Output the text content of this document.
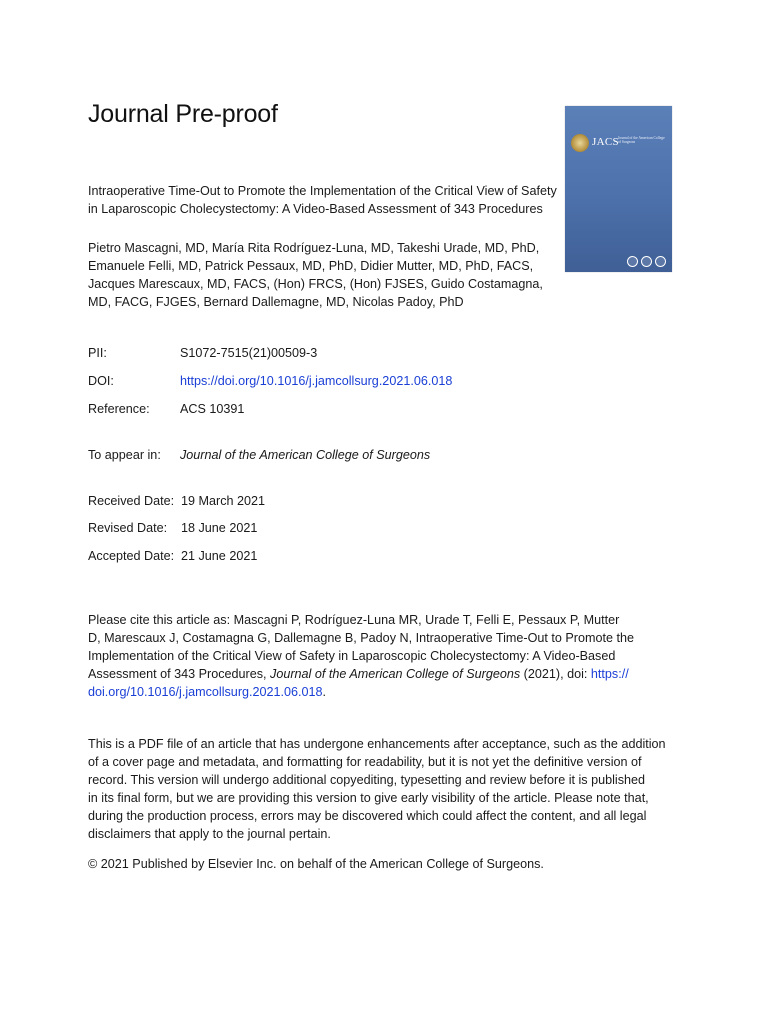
Journal Pre-proof
Intraoperative Time-Out to Promote the Implementation of the Critical View of Safety
in Laparoscopic Cholecystectomy: A Video-Based Assessment of 343 Procedures
Pietro Mascagni, MD, María Rita Rodríguez-Luna, MD, Takeshi Urade, MD, PhD,
Emanuele Felli, MD, Patrick Pessaux, MD, PhD, Didier Mutter, MD, PhD, FACS,
Jacques Marescaux, MD, FACS, (Hon) FRCS, (Hon) FJSES, Guido Costamagna,
MD, FACG, FJGES, Bernard Dallemagne, MD, Nicolas Padoy, PhD
JACS Journal of the American College of Surgeons
PII:	S1072-7515(21)00509-3
DOI:	https://doi.org/10.1016/j.jamcollsurg.2021.06.018
Reference: ACS 10391
To appear in: Journal of the American College of Surgeons
Received Date: 19 March 2021
Revised Date: 18 June 2021
Accepted Date: 21 June 2021
Please cite this article as: Mascagni P, Rodríguez-Luna MR, Urade T, Felli E, Pessaux P, Mutter
D, Marescaux J, Costamagna G, Dallemagne B, Padoy N, Intraoperative Time-Out to Promote the
Implementation of the Critical View of Safety in Laparoscopic Cholecystectomy: A Video-Based
Assessment of 343 Procedures, Journal of the American College of Surgeons (2021), doi: https://
doi.org/10.1016/j.jamcollsurg.2021.06.018.
This is a PDF file of an article that has undergone enhancements after acceptance, such as the addition
of a cover page and metadata, and formatting for readability, but it is not yet the definitive version of
record. This version will undergo additional copyediting, typesetting and review before it is published
in its final form, but we are providing this version to give early visibility of the article. Please note that,
during the production process, errors may be discovered which could affect the content, and all legal
disclaimers that apply to the journal pertain.
© 2021 Published by Elsevier Inc. on behalf of the American College of Surgeons.
